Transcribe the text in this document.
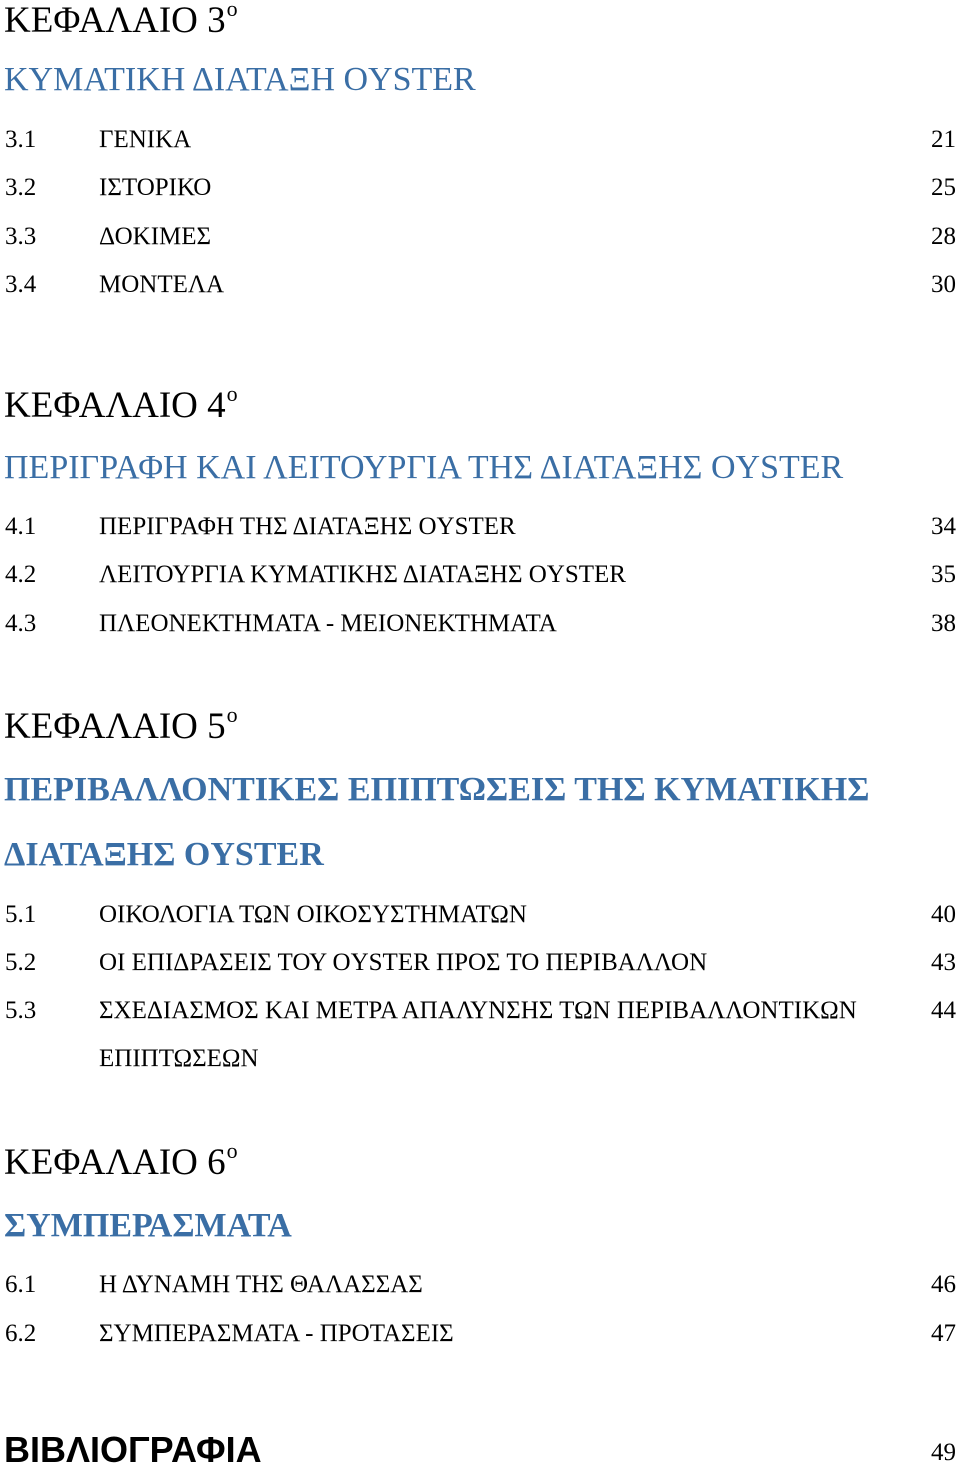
ΚΕΦΑΛΑΙΟ $3^o$
ΚΥΜΑΤΙΚΗ ΔΙΑΤΑΞΗ OYSTER
3.1	ΓΕΝΙΚΑ	21
3.2	ΙΣΤΟΡΙΚΟ	25
3.3	ΔΟΚΙΜΕΣ	28
3.4	ΜΟΝΤΕΛΑ	30
ΚΕΦΑΛΑΙΟ $4^o$
ΠΕΡΙΓΡΑΦΗ ΚΑΙ ΛΕΙΤΟΥΡΓΙΑ ΤΗΣ ΔΙΑΤΑΞΗΣ OYSTER
4.1	ΠΕΡΙΓΡΑΦΗ ΤΗΣ ΔΙΑΤΑΞΗΣ OYSTER	34
4.2	ΛΕΙΤΟΥΡΓΙΑ ΚΥΜΑΤΙΚΗΣ ΔΙΑΤΑΞΗΣ OYSTER	35
4.3	ΠΛΕΟΝΕΚΤΗΜΑΤΑ - ΜΕΙΟΝΕΚΤΗΜΑΤΑ	38
ΚΕΦΑΛΑΙΟ $5^o$
ΠΕΡΙΒΑΛΛΟΝΤΙΚΕΣ ΕΠΙΠΤΩΣΕΙΣ ΤΗΣ ΚΥΜΑΤΙΚΗΣ
ΔΙΑΤΑΞΗΣ OYSTER
5.1	ΟΙΚΟΛΟΓΙΑ ΤΩΝ ΟΙΚΟΣΥΣΤΗΜΑΤΩΝ	40
5.2	ΟΙ ΕΠΙΔΡΑΣΕΙΣ ΤΟΥ OYSTER ΠΡΟΣ ΤΟ ΠΕΡΙΒΑΛΛΟΝ	43
5.3	ΣΧΕΔΙΑΣΜΟΣ ΚΑΙ ΜΕΤΡΑ ΑΠΑΛΥΝΣΗΣ ΤΩΝ ΠΕΡΙΒΑΛΛΟΝΤΙΚΩΝ	44
ΕΠΙΠΤΩΣΕΩΝ
ΚΕΦΑΛΑΙΟ $6^o$
ΣΥΜΠΕΡΑΣΜΑΤΑ
6.1	Η ΔΥΝΑΜΗ ΤΗΣ ΘΑΛΑΣΣΑΣ	46
6.2	ΣΥΜΠΕΡΑΣΜΑΤΑ - ΠΡΟΤΑΣΕΙΣ	47
ΒΙΒΛΙΟΓΡΑΦΙΑ	49
